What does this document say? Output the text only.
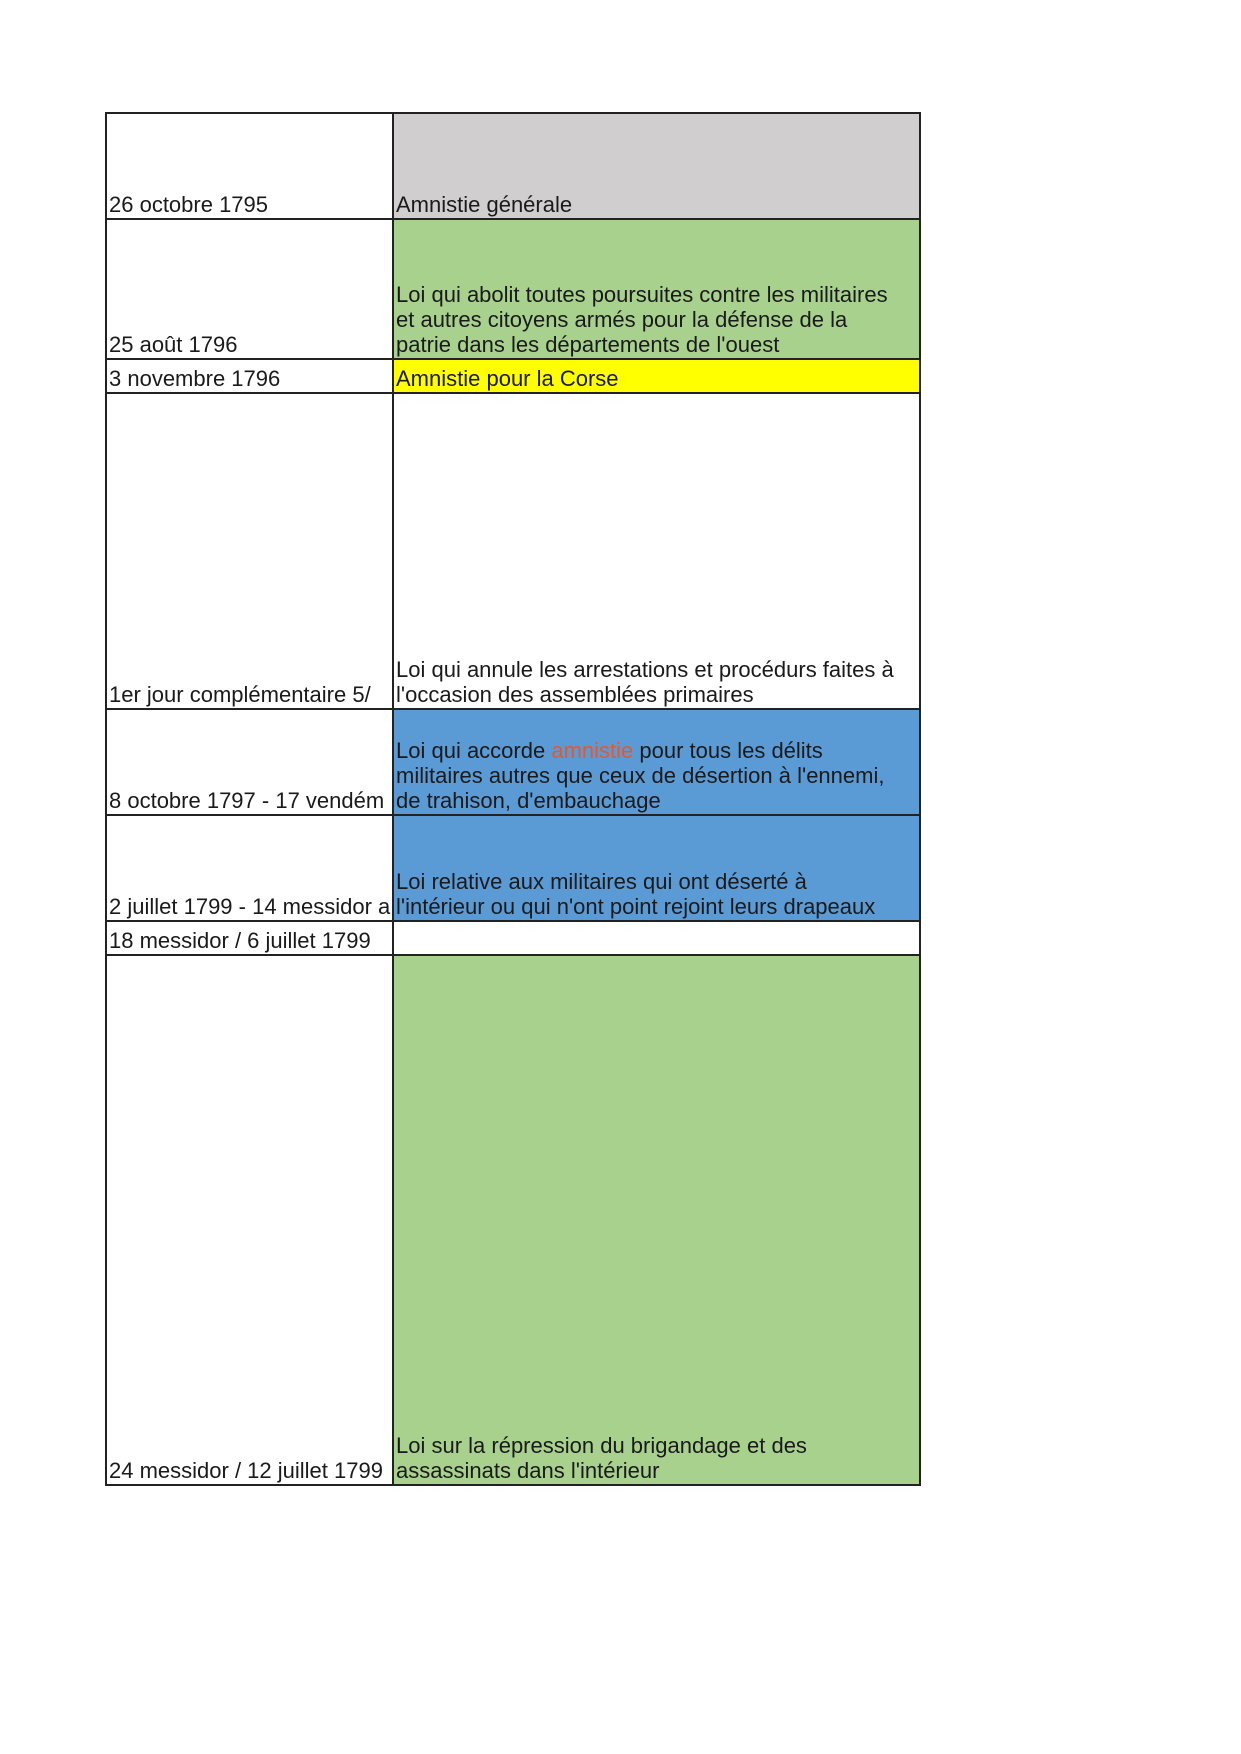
26 octobre 1795	Amnistie générale
25 août 1796
Loi qui abolit toutes poursuites contre les militaires
et autres citoyens armés pour la défense de la
patrie dans les départements de l'ouest
3 novembre 1796	Amnistie pour la Corse
1er jour complémentaire 5/
Loi qui annule les arrestations et procédurs faites à
l'occasion des assemblées primaires
8 octobre 1797 - 17 vendém
Loi qui accorde amnistie pour tous les délits
militaires autres que ceux de désertion à l'ennemi,
de trahison, d'embauchage
2 juillet 1799 - 14 messidor a
Loi relative aux militaires qui ont déserté à
l'intérieur ou qui n'ont point rejoint leurs drapeaux
18 messidor / 6 juillet 1799
24 messidor / 12 juillet 1799
Loi sur la répression du brigandage et des
assassinats dans l'intérieur
